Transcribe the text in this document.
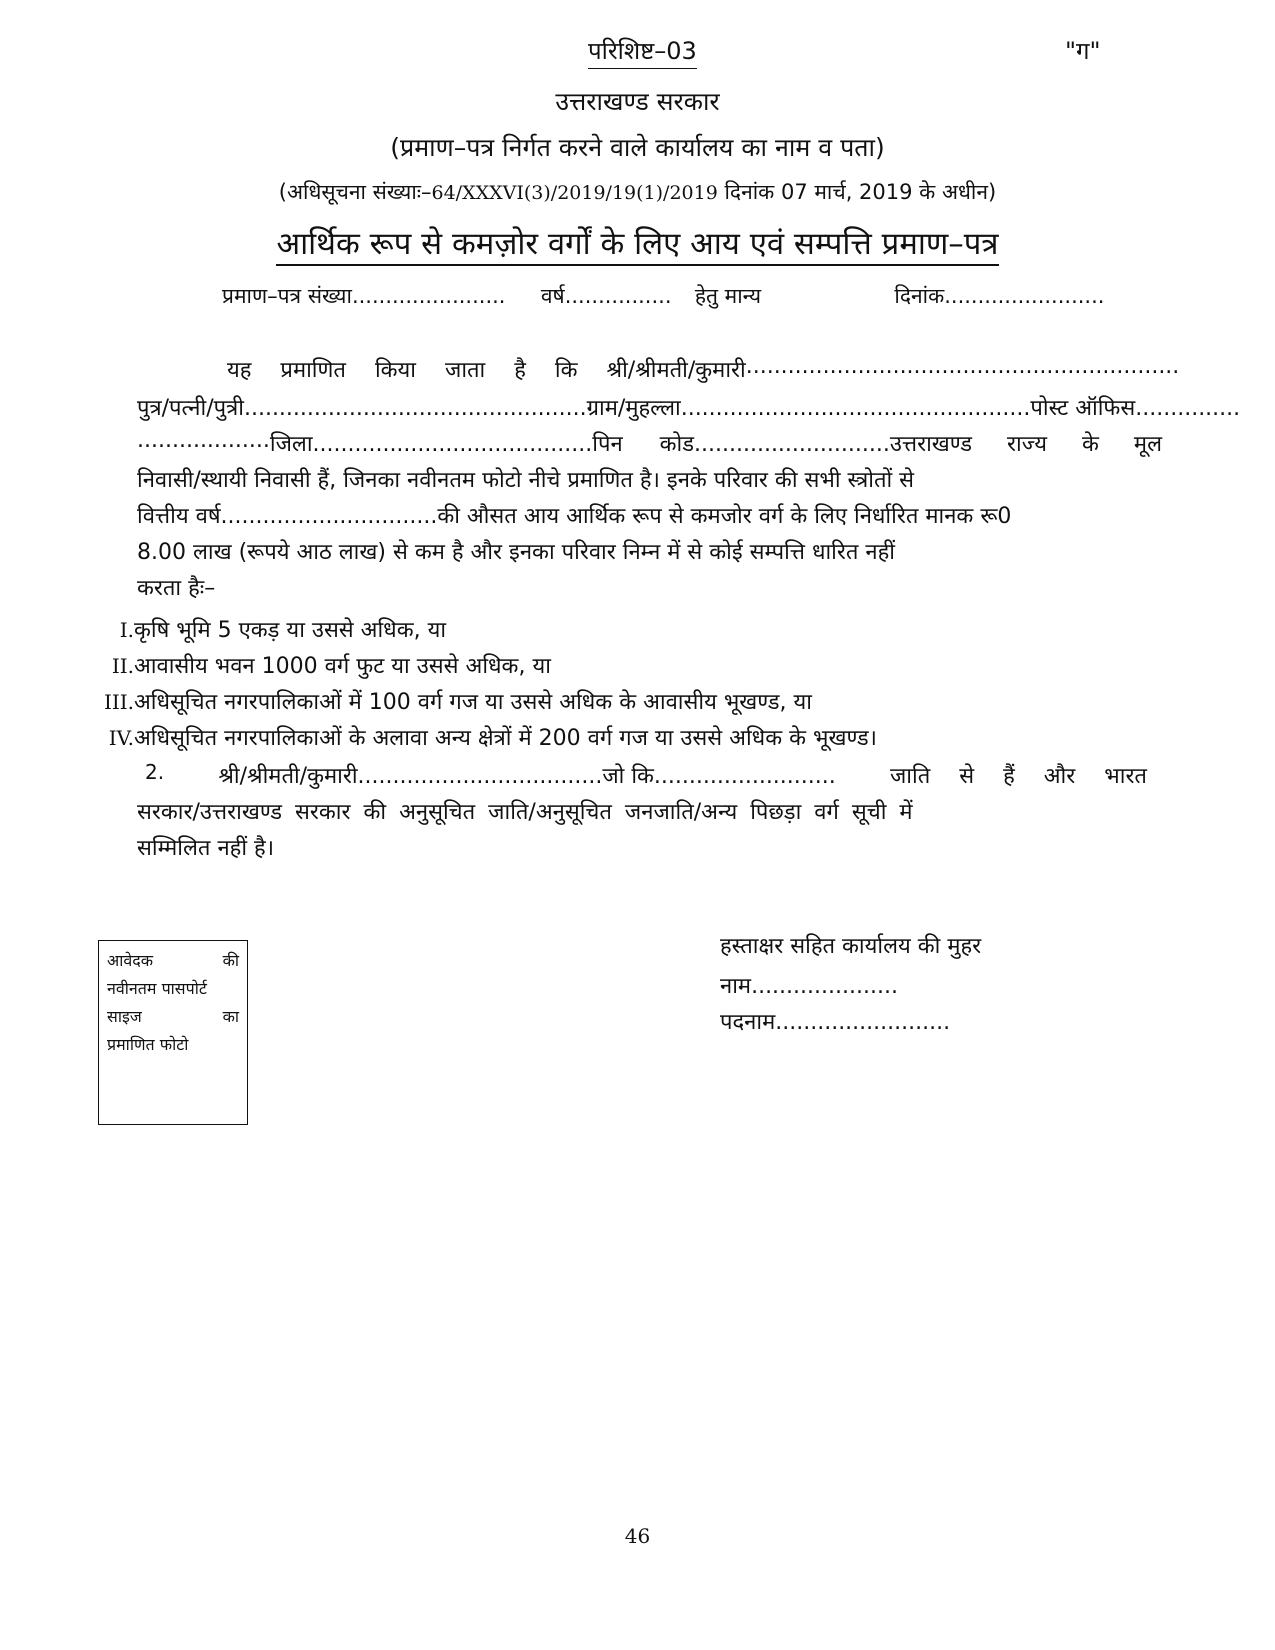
परिशिष्ट–03	"ग"
उत्तराखण्ड सरकार
(प्रमाण–पत्र निर्गत करने वाले कार्यालय का नाम व पता)
(अधिसूचना संख्याः–64/XXXVI(3)/2019/19(1)/2019 दिनांक 07 मार्च, 2019 के अधीन)
आर्थिक रूप से कमज़ोर वर्गों के लिए आय एवं सम्पत्ति प्रमाण–पत्र
प्रमाण–पत्र संख्या....................... वर्ष................ हेतु मान्य	दिनांक........................
यह प्रमाणित किया जाता है कि श्री/श्रीमती/कुमारी ..............................................................
पुत्र/पत्नी/पुत्री................................................. ग्राम/मुहल्ला.................................................. पोस्ट ऑफिस...............
................... जिला........................................ पिन कोड............................उत्तराखण्ड राज्य के मूल
निवासी/स्थायी निवासी हैं, जिनका नवीनतम फोटो नीचे प्रमाणित है। इनके परिवार की सभी स्त्रोतों से
वित्तीय वर्ष...............................की औसत आय आर्थिक रूप से कमजोर वर्ग के लिए निर्धारित मानक रू0
8.00 लाख (रूपये आठ लाख) से कम है और इनका परिवार निम्न में से कोई सम्पत्ति धारित नहीं
करता हैः–
I.कृषि भूमि 5 एकड़ या उससे अधिक, या
II.आवासीय भवन 1000 वर्ग फुट या उससे अधिक, या
III.अधिसूचित नगरपालिकाओं में 100 वर्ग गज या उससे अधिक के आवासीय भूखण्ड, या
IV.अधिसूचित नगरपालिकाओं के अलावा अन्य क्षेत्रों में 200 वर्ग गज या उससे अधिक के भूखण्ड।
2. श्री/श्रीमती/कुमारी...................................जो कि.......................... जाति से हैं और भारत
सरकार/उत्तराखण्ड सरकार की अनुसूचित जाति/अनुसूचित जनजाति/अन्य पिछड़ा वर्ग सूची में
सम्मिलित नहीं है।
आवेदक	की
नवीनतम पासपोर्ट
साइज	का
प्रमाणित फोटो
हस्ताक्षर सहित कार्यालय की मुहर
नाम.....................
पदनाम.........................
46
